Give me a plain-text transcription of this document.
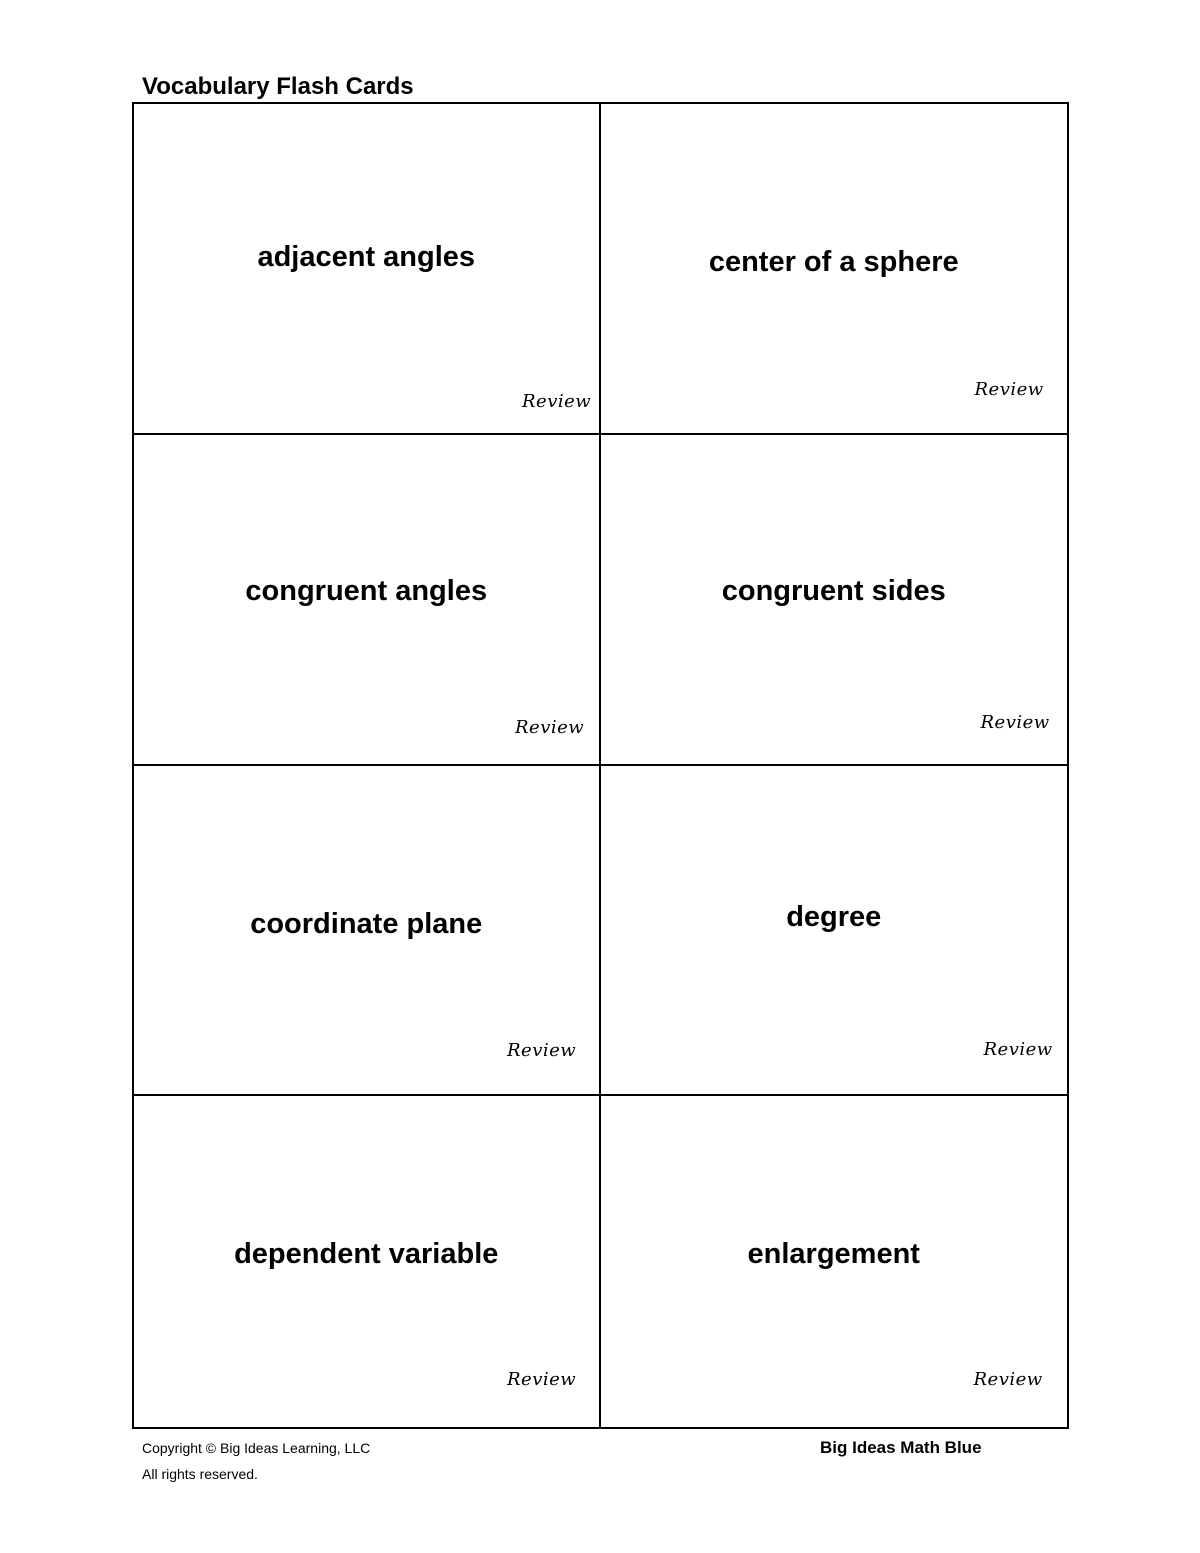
Vocabulary Flash Cards
adjacent angles
Review
center of a sphere
Review
congruent angles
Review
congruent sides
Review
coordinate plane
Review
degree
Review
dependent variable
Review
enlargement
Review
Copyright © Big Ideas Learning, LLC
All rights reserved.
Big Ideas Math Blue
